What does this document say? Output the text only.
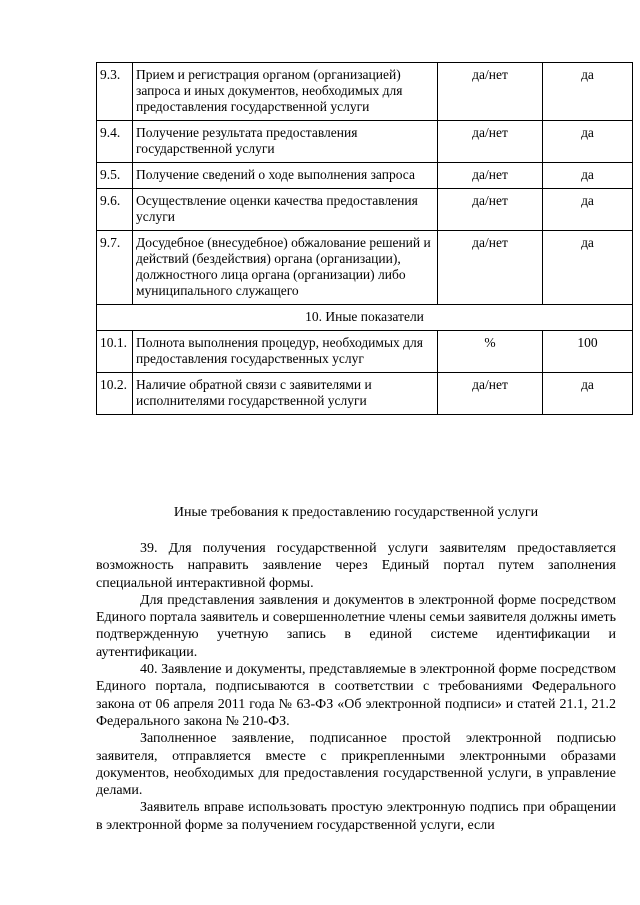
9.3.	Прием и регистрация органом (организацией) запроса и иных документов, необходимых для предоставления государственной услуги	да/нет	да
9.4.	Получение результата предоставления государственной услуги	да/нет	да
9.5.	Получение сведений о ходе выполнения запроса	да/нет	да
9.6.	Осуществление оценки качества предоставления услуги	да/нет	да
9.7.	Досудебное (внесудебное) обжалование решений и действий (бездействия) органа (организации), должностного лица органа (организации) либо муниципального служащего	да/нет	да
10. Иные показатели			
10.1.	Полнота выполнения процедур, необходимых для предоставления государственных услуг	%	100
10.2.	Наличие обратной связи с заявителями и исполнителями государственной услуги	да/нет	да
Иные требования к предоставлению государственной услуги

39. Для получения государственной услуги заявителям предоставляется возможность направить заявление через Единый портал путем заполнения специальной интерактивной формы.

Для представления заявления и документов в электронной форме посредством Единого портала заявитель и совершеннолетние члены семьи заявителя должны иметь подтвержденную учетную запись в единой системе идентификации и аутентификации.

40. Заявление и документы, представляемые в электронной форме посредством Единого портала, подписываются в соответствии с требованиями Федерального закона от 06 апреля 2011 года № 63-ФЗ «Об электронной подписи» и статей 21.1, 21.2 Федерального закона № 210-ФЗ.

Заполненное заявление, подписанное простой электронной подписью заявителя, отправляется вместе с прикрепленными электронными образами документов, необходимых для предоставления государственной услуги, в управление делами.

Заявитель вправе использовать простую электронную подпись при обращении в электронной форме за получением государственной услуги, если
